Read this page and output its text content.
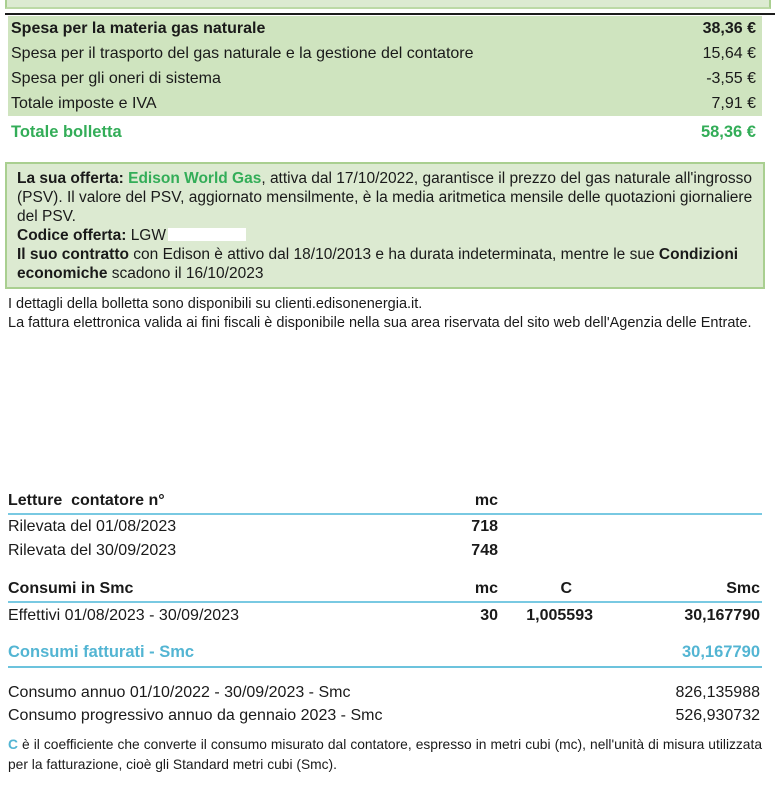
Spesa per la materia gas naturale	38,36 €
Spesa per il trasporto del gas naturale e la gestione del contatore	15,64 €
Spesa per gli oneri di sistema	-3,55 €
Totale imposte e IVA	7,91 €
Totale bolletta	58,36 €

La sua offerta: Edison World Gas, attiva dal 17/10/2022, garantisce il prezzo del gas naturale all'ingrosso (PSV). Il valore del PSV, aggiornato mensilmente, è la media aritmetica mensile delle quotazioni giornaliere del PSV.

Codice offerta: LGW

Il suo contratto con Edison è attivo dal 18/10/2013 e ha durata indeterminata, mentre le sue Condizioni economiche scadono il 16/10/2023

I dettagli della bolletta sono disponibili su clienti.edisonenergia.it.
La fattura elettronica valida ai fini fiscali è disponibile nella sua area riservata del sito web dell'Agenzia delle Entrate.
Letture  contatore n°	mc
Rilevata del 01/08/2023	718
Rilevata del 30/09/2023	748
Consumi in Smc	mc	C	Smc
Effettivi 01/08/2023 - 30/09/2023	30	1,005593	30,167790
Consumi fatturati - Smc	30,167790
Consumo annuo 01/10/2022 - 30/09/2023 - Smc	826,135988
Consumo progressivo annuo da gennaio 2023 - Smc	526,930732
C è il coefficiente che converte il consumo misurato dal contatore, espresso in metri cubi (mc), nell'unità di misura utilizzata per la fatturazione, cioè gli Standard metri cubi (Smc).
